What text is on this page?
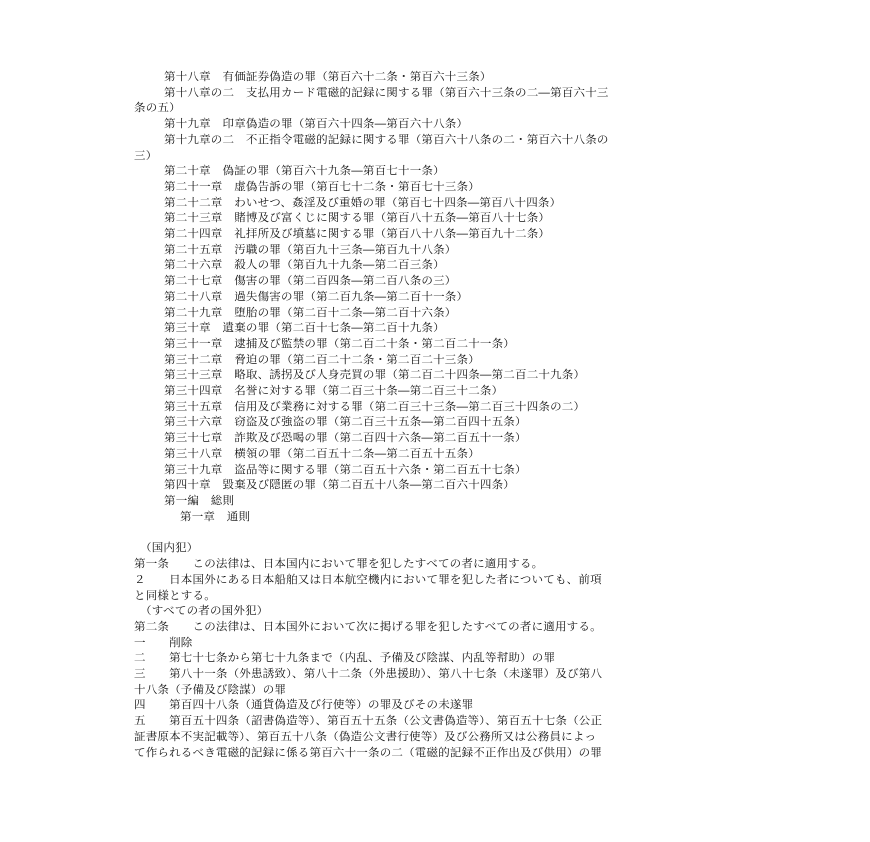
第十八章　有価証券偽造の罪（第百六十二条・第百六十三条）
第十八章の二　支払用カード電磁的記録に関する罪（第百六十三条の二―第百六十三
条の五）
第十九章　印章偽造の罪（第百六十四条―第百六十八条）
第十九章の二　不正指令電磁的記録に関する罪（第百六十八条の二・第百六十八条の
三）
第二十章　偽証の罪（第百六十九条―第百七十一条）
第二十一章　虚偽告訴の罪（第百七十二条・第百七十三条）
第二十二章　わいせつ、姦淫及び重婚の罪（第百七十四条―第百八十四条）
第二十三章　賭博及び富くじに関する罪（第百八十五条―第百八十七条）
第二十四章　礼拝所及び墳墓に関する罪（第百八十八条―第百九十二条）
第二十五章　汚職の罪（第百九十三条―第百九十八条）
第二十六章　殺人の罪（第百九十九条―第二百三条）
第二十七章　傷害の罪（第二百四条―第二百八条の三）
第二十八章　過失傷害の罪（第二百九条―第二百十一条）
第二十九章　堕胎の罪（第二百十二条―第二百十六条）
第三十章　遺棄の罪（第二百十七条―第二百十九条）
第三十一章　逮捕及び監禁の罪（第二百二十条・第二百二十一条）
第三十二章　脅迫の罪（第二百二十二条・第二百二十三条）
第三十三章　略取、誘拐及び人身売買の罪（第二百二十四条―第二百二十九条）
第三十四章　名誉に対する罪（第二百三十条―第二百三十二条）
第三十五章　信用及び業務に対する罪（第二百三十三条―第二百三十四条の二）
第三十六章　窃盗及び強盗の罪（第二百三十五条―第二百四十五条）
第三十七章　詐欺及び恐喝の罪（第二百四十六条―第二百五十一条）
第三十八章　横領の罪（第二百五十二条―第二百五十五条）
第三十九章　盗品等に関する罪（第二百五十六条・第二百五十七条）
第四十章　毀棄及び隠匿の罪（第二百五十八条―第二百六十四条）
第一編　総則
第一章　通則
（国内犯）
第一条　　この法律は、日本国内において罪を犯したすべての者に適用する。
２　　日本国外にある日本船舶又は日本航空機内において罪を犯した者についても、前項
と同様とする。
（すべての者の国外犯）
第二条　　この法律は、日本国外において次に掲げる罪を犯したすべての者に適用する。
一　　削除
二　　第七十七条から第七十九条まで（内乱、予備及び陰謀、内乱等幇助）の罪
三　　第八十一条（外患誘致）、第八十二条（外患援助）、第八十七条（未遂罪）及び第八
十八条（予備及び陰謀）の罪
四　　第百四十八条（通貨偽造及び行使等）の罪及びその未遂罪
五　　第百五十四条（詔書偽造等）、第百五十五条（公文書偽造等）、第百五十七条（公正
証書原本不実記載等）、第百五十八条（偽造公文書行使等）及び公務所又は公務員によっ
て作られるべき電磁的記録に係る第百六十一条の二（電磁的記録不正作出及び供用）の罪
